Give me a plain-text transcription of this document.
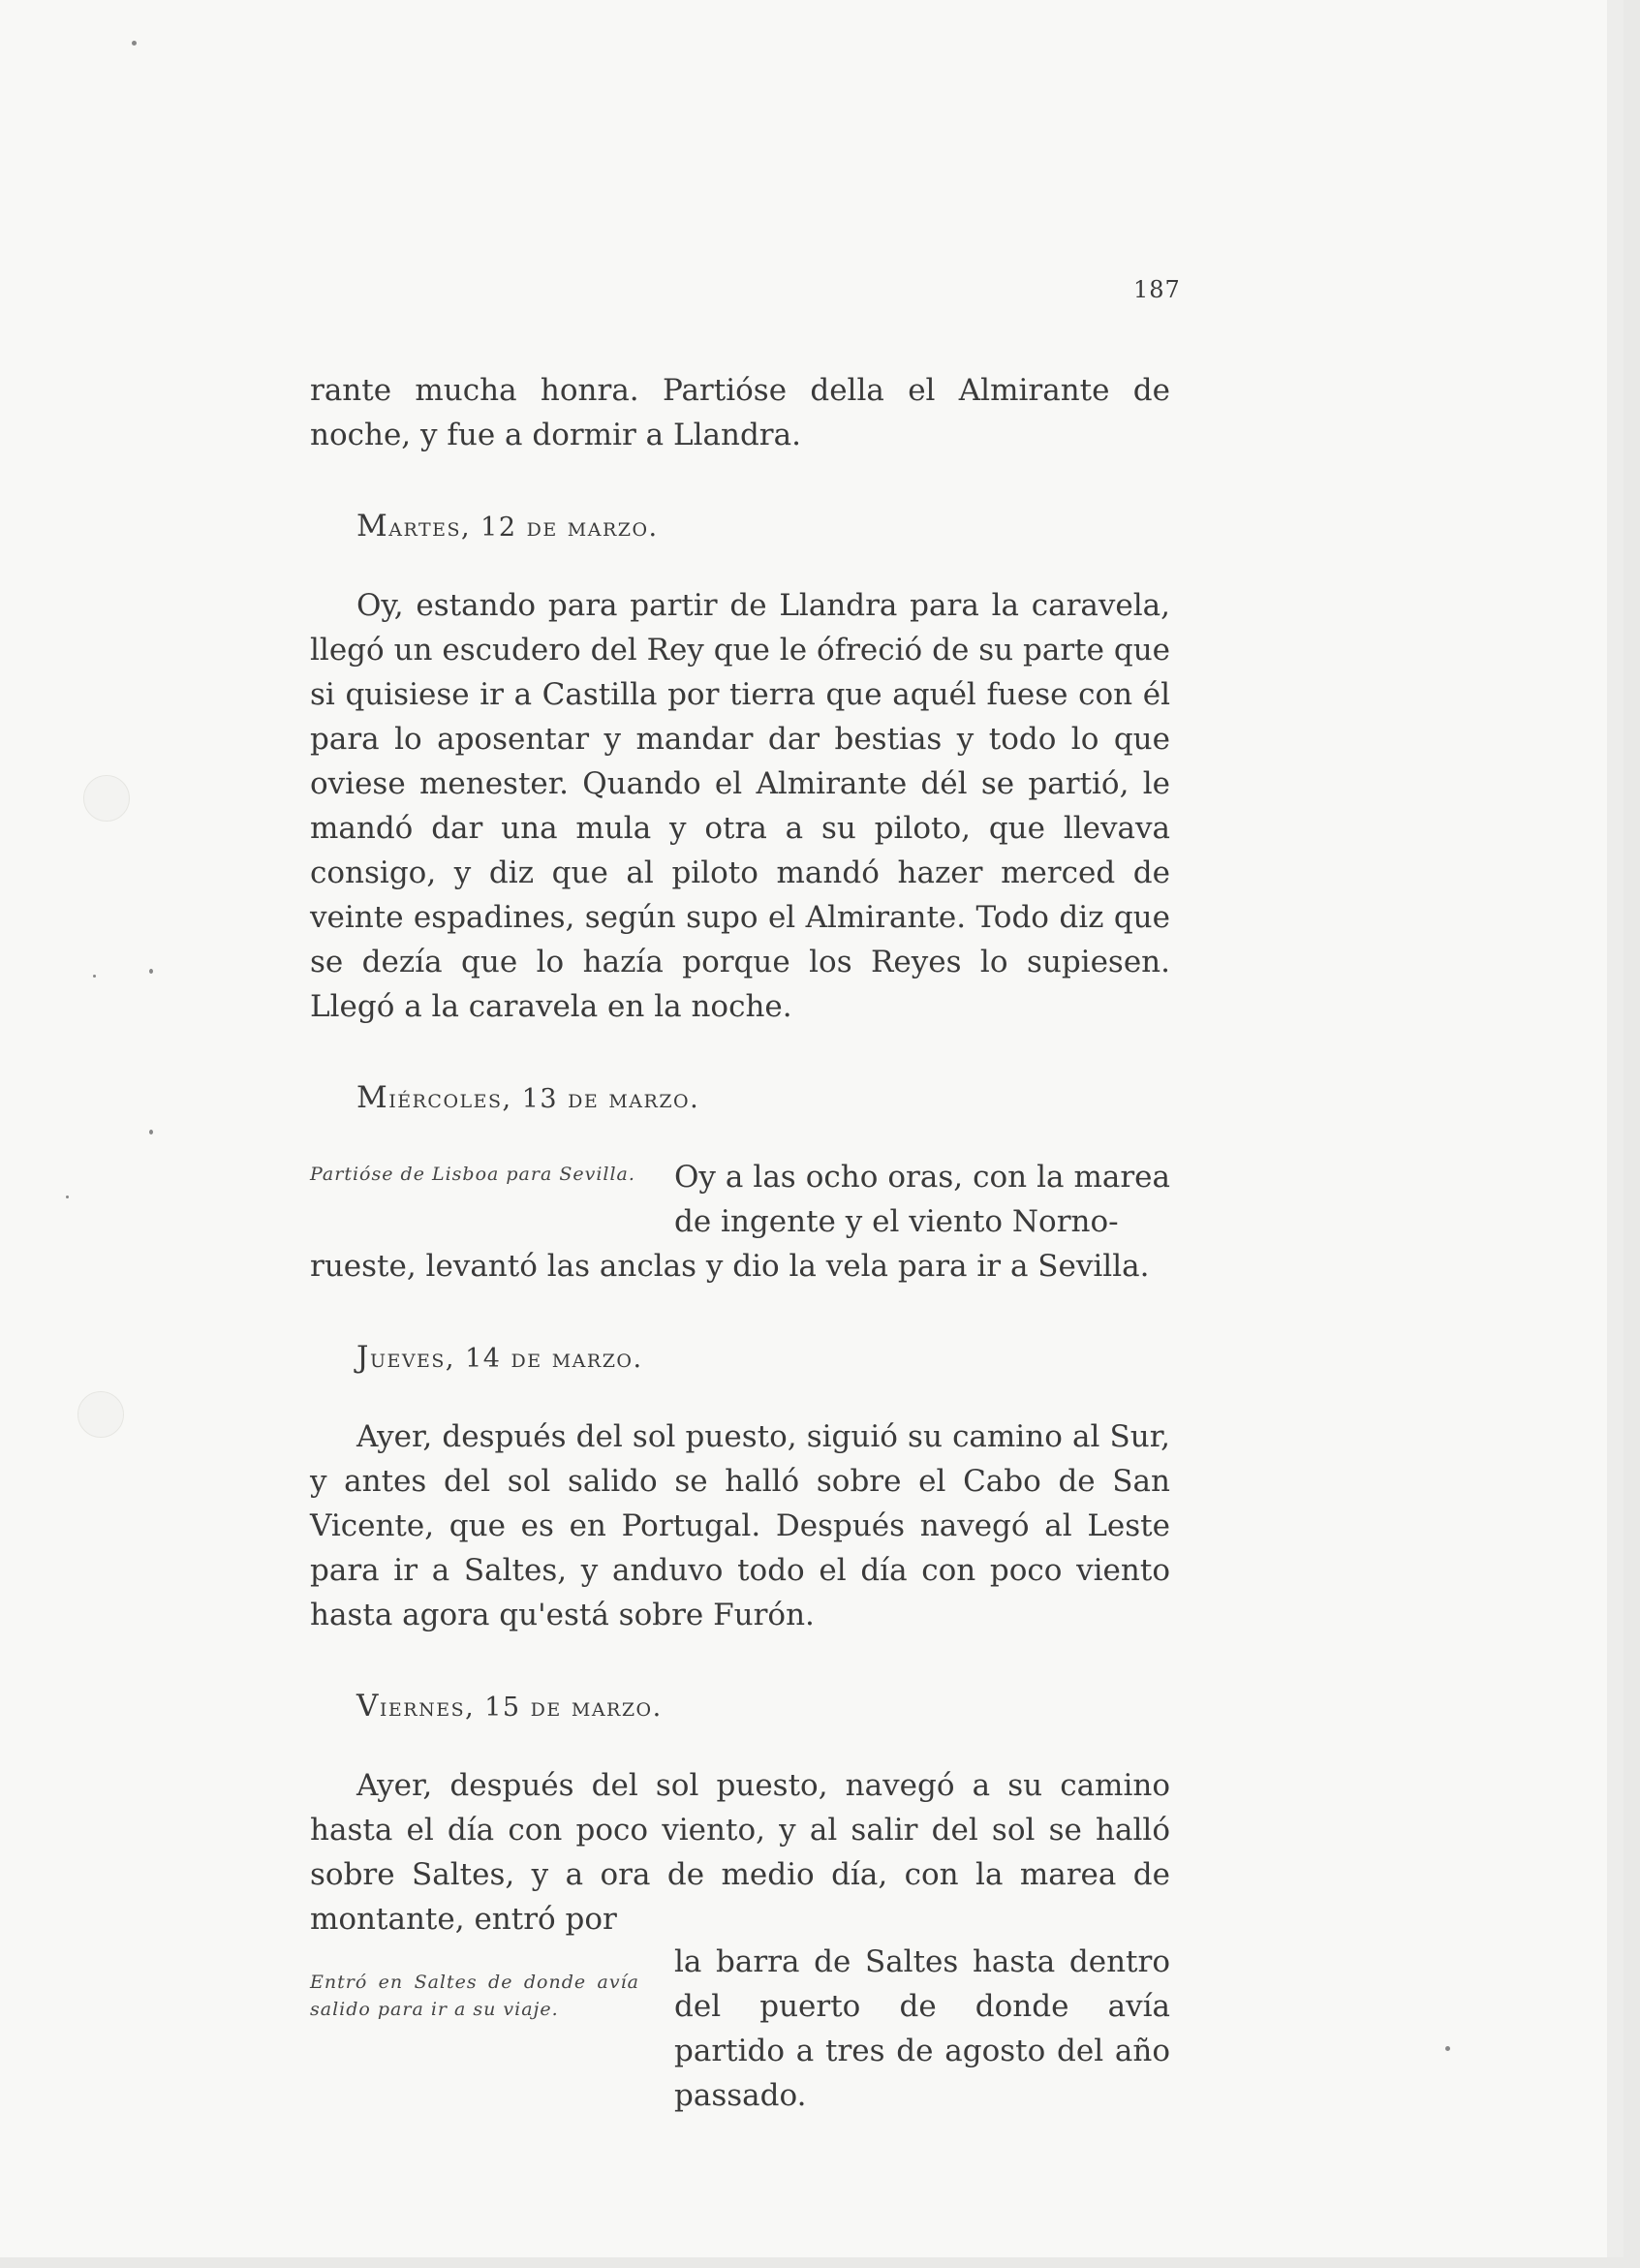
187

rante mucha honra. Partióse della el Almirante de noche, y fue a dormir a Llandra.

Martes, 12 de marzo.

Oy, estando para partir de Llandra para la caravela, llegó un escudero del Rey que le ófreció de su parte que si quisiese ir a Castilla por tierra que aquél fuese con él para lo aposentar y mandar dar bestias y todo lo que oviese menester. Quando el Almirante dél se partió, le mandó dar una mula y otra a su piloto, que llevava consigo, y diz que al piloto mandó hazer merced de veinte espadines, según supo el Almirante. Todo diz que se dezía que lo hazía porque los Reyes lo supiesen. Llegó a la caravela en la noche.

Miércoles, 13 de marzo.
Partióse de Lisboa para Sevilla. Oy a las ocho oras, con la marea de ingente y el viento Norno-

rueste, levantó las anclas y dio la vela para ir a Sevilla.

Jueves, 14 de marzo.

Ayer, después del sol puesto, siguió su camino al Sur, y antes del sol salido se halló sobre el Cabo de San Vicente, que es en Portugal. Después navegó al Leste para ir a Saltes, y anduvo todo el día con poco viento hasta agora qu'está sobre Furón.

Viernes, 15 de marzo.

Ayer, después del sol puesto, navegó a su camino hasta el día con poco viento, y al salir del sol se halló sobre Saltes, y a ora de medio día, con la marea de montante, entró por

Entró en Saltes de donde avía salido para ir a su viaje.

la barra de Saltes hasta dentro del puerto de donde avía partido a tres de agosto del año passado.
